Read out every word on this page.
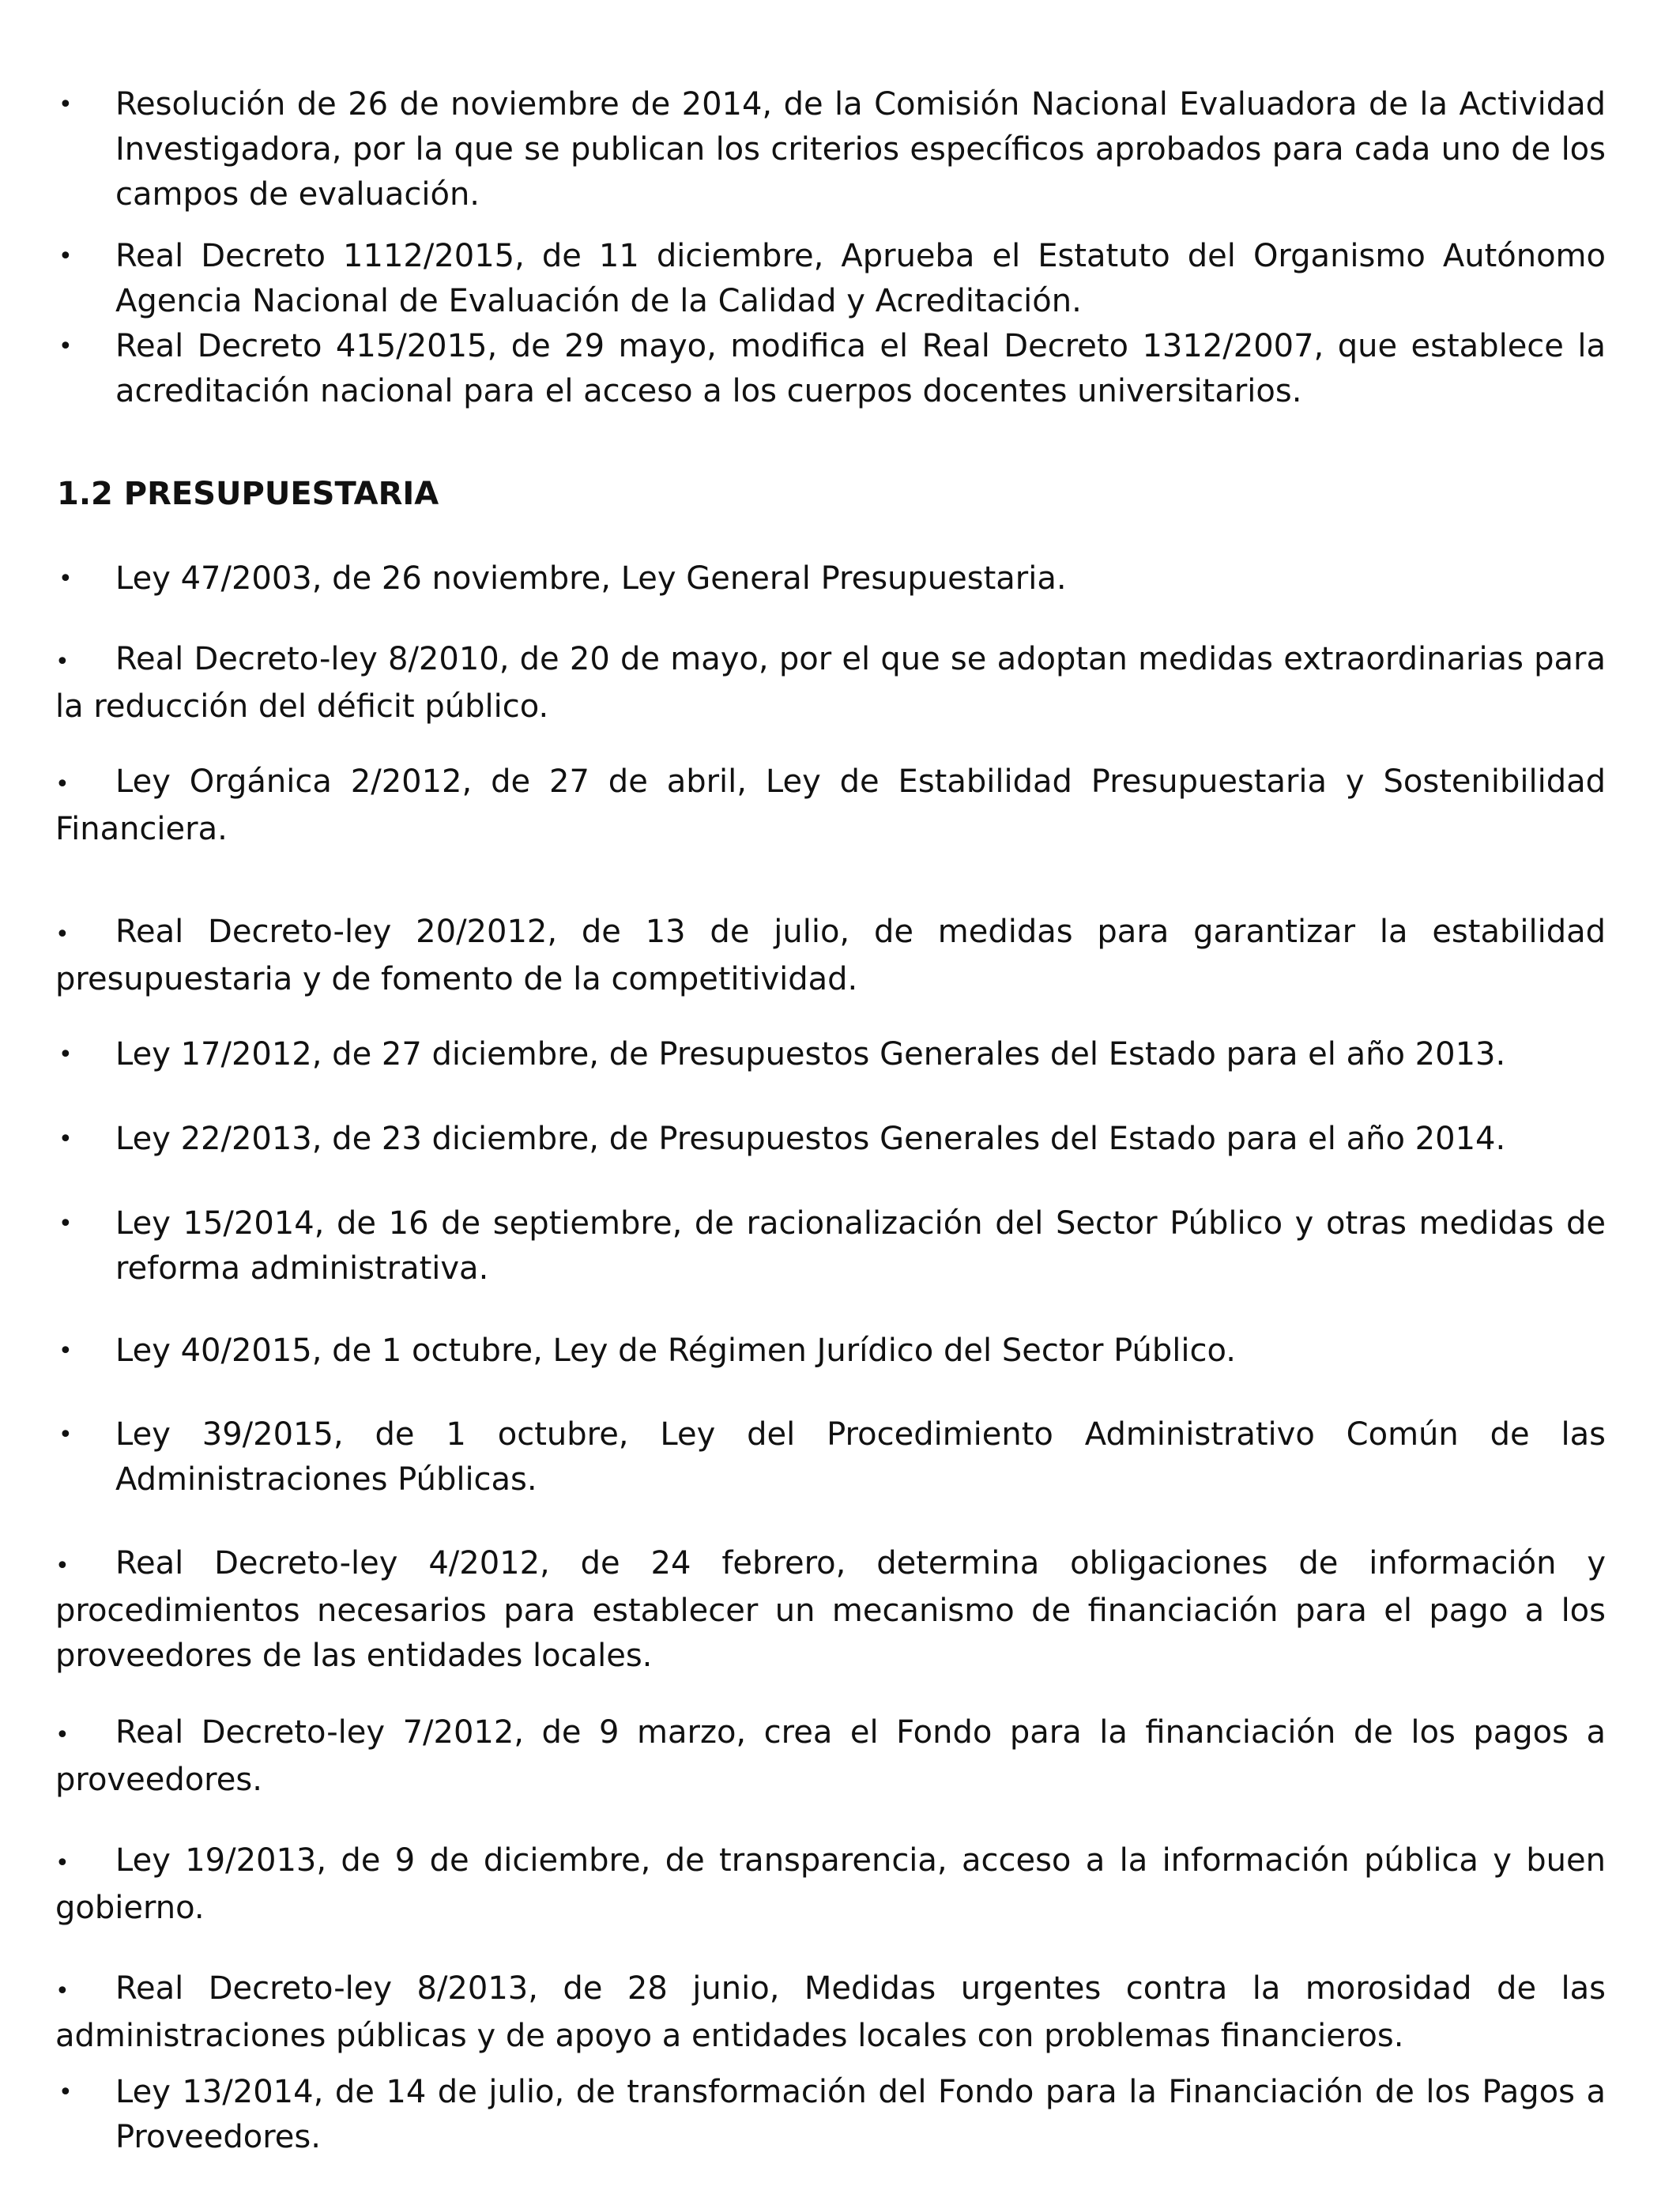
•	Resolución de 26 de noviembre de 2014, de la Comisión Nacional Evaluadora de la Actividad Investigadora, por la que se publican los criterios específicos aprobados para cada uno de los campos de evaluación.
•	Real Decreto 1112/2015, de 11 diciembre, Aprueba el Estatuto del Organismo Autónomo Agencia Nacional de Evaluación de la Calidad y Acreditación.
•	Real Decreto 415/2015, de 29 mayo, modifica el Real Decreto 1312/2007, que establece la acreditación nacional para el acceso a los cuerpos docentes universitarios.
1.2 PRESUPUESTARIA
•	Ley 47/2003, de 26 noviembre, Ley General Presupuestaria.
• Real Decreto-ley 8/2010, de 20 de mayo, por el que se adoptan medidas extraordinarias para la reducción del déficit público.
• Ley Orgánica 2/2012, de 27 de abril, Ley de Estabilidad Presupuestaria y Sostenibilidad Financiera.
• Real Decreto-ley 20/2012, de 13 de julio, de medidas para garantizar la estabilidad presupuestaria y de fomento de la competitividad.
•	Ley 17/2012, de 27 diciembre, de Presupuestos Generales del Estado para el año 2013.
•	Ley 22/2013, de 23 diciembre, de Presupuestos Generales del Estado para el año 2014.
•	Ley 15/2014, de 16 de septiembre, de racionalización del Sector Público y otras medidas de reforma administrativa.
•	Ley 40/2015, de 1 octubre, Ley de Régimen Jurídico del Sector Público.
•	Ley 39/2015, de 1 octubre, Ley del Procedimiento Administrativo Común de las Administraciones Públicas.
• Real Decreto-ley 4/2012, de 24 febrero, determina obligaciones de información y procedimientos necesarios para establecer un mecanismo de financiación para el pago a los proveedores de las entidades locales.
• Real Decreto-ley 7/2012, de 9 marzo, crea el Fondo para la financiación de los pagos a proveedores.
• Ley 19/2013, de 9 de diciembre, de transparencia, acceso a la información pública y buen gobierno.
• Real Decreto-ley 8/2013, de 28 junio, Medidas urgentes contra la morosidad de las administraciones públicas y de apoyo a entidades locales con problemas financieros.
•	Ley 13/2014, de 14 de julio, de transformación del Fondo para la Financiación de los Pagos a Proveedores.
